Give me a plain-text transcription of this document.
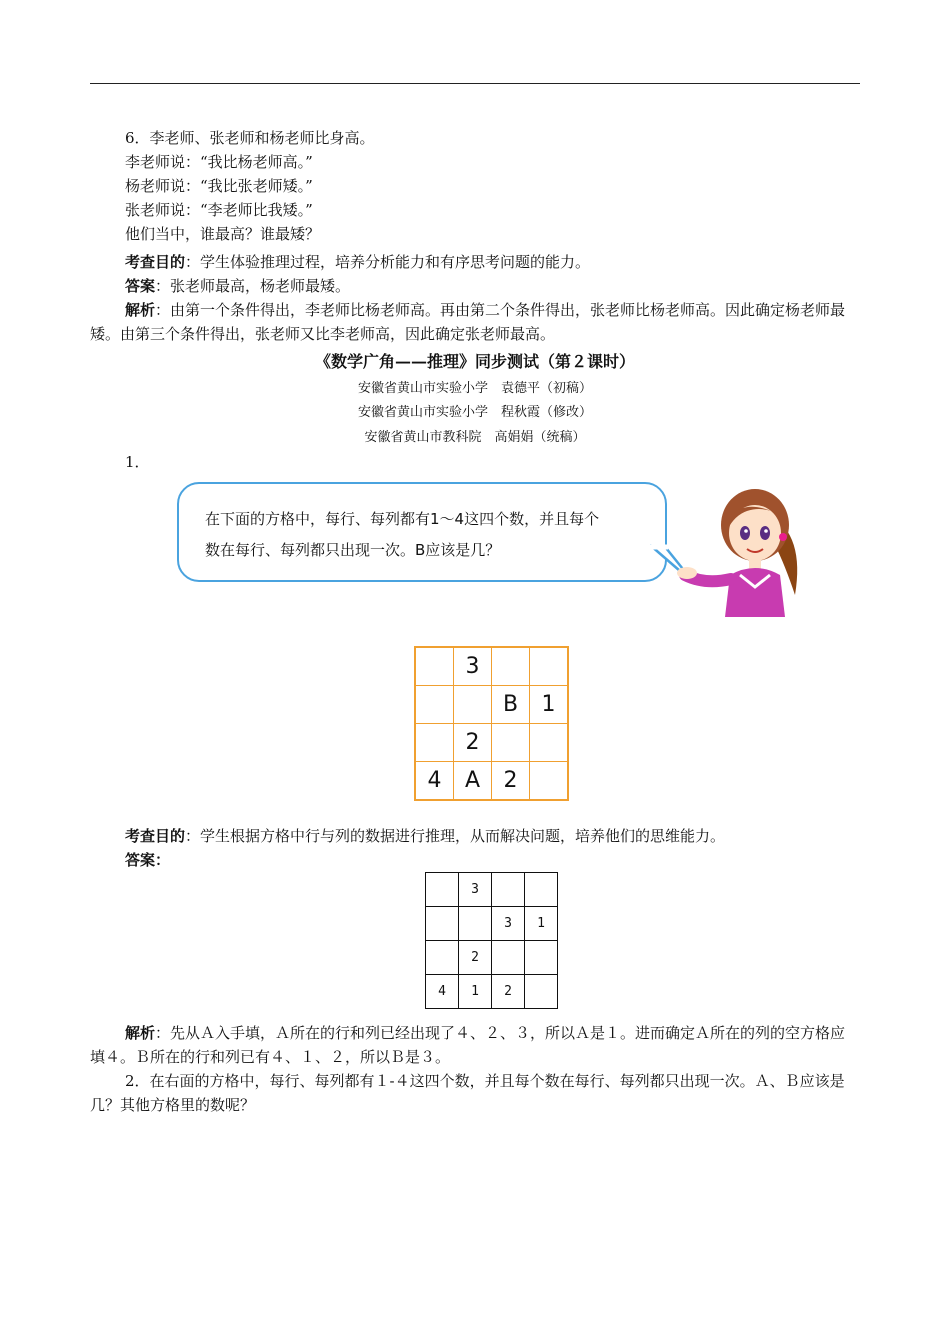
6．李老师、张老师和杨老师比身高。
李老师说：“我比杨老师高。”
杨老师说：“我比张老师矮。”
张老师说：“李老师比我矮。”
他们当中，谁最高？谁最矮？
考查目的：学生体验推理过程，培养分析能力和有序思考问题的能力。
答案：张老师最高，杨老师最矮。
解析：由第一个条件得出，李老师比杨老师高。再由第二个条件得出，张老师比杨老师高。因此确定杨老师最矮。由第三个条件得出，张老师又比李老师高，因此确定张老师最高。
《数学广角——推理》同步测试（第２课时）
安徽省黄山市实验小学　袁德平（初稿）
安徽省黄山市实验小学　程秋霞（修改）
安徽省黄山市教科院　高娟娟（统稿）
1．
在下面的方格中，每行、每列都有1～4这四个数，并且每个
数在每行、每列都只出现一次。B应该是几？
	3		
		B	1
	2		
4	A	2	
考查目的：学生根据方格中行与列的数据进行推理，从而解决问题，培养他们的思维能力。
答案：
	3		
		3	1
	2		
4	1	2	
解析：先从Ａ入手填，Ａ所在的行和列已经出现了４、２、３，所以Ａ是１。进而确定Ａ所在的列的空方格应填４。Ｂ所在的行和列已有４、１、２，所以Ｂ是３。
2．在右面的方格中，每行、每列都有１-４这四个数，并且每个数在每行、每列都只出现一次。Ａ、Ｂ应该是几？其他方格里的数呢？
